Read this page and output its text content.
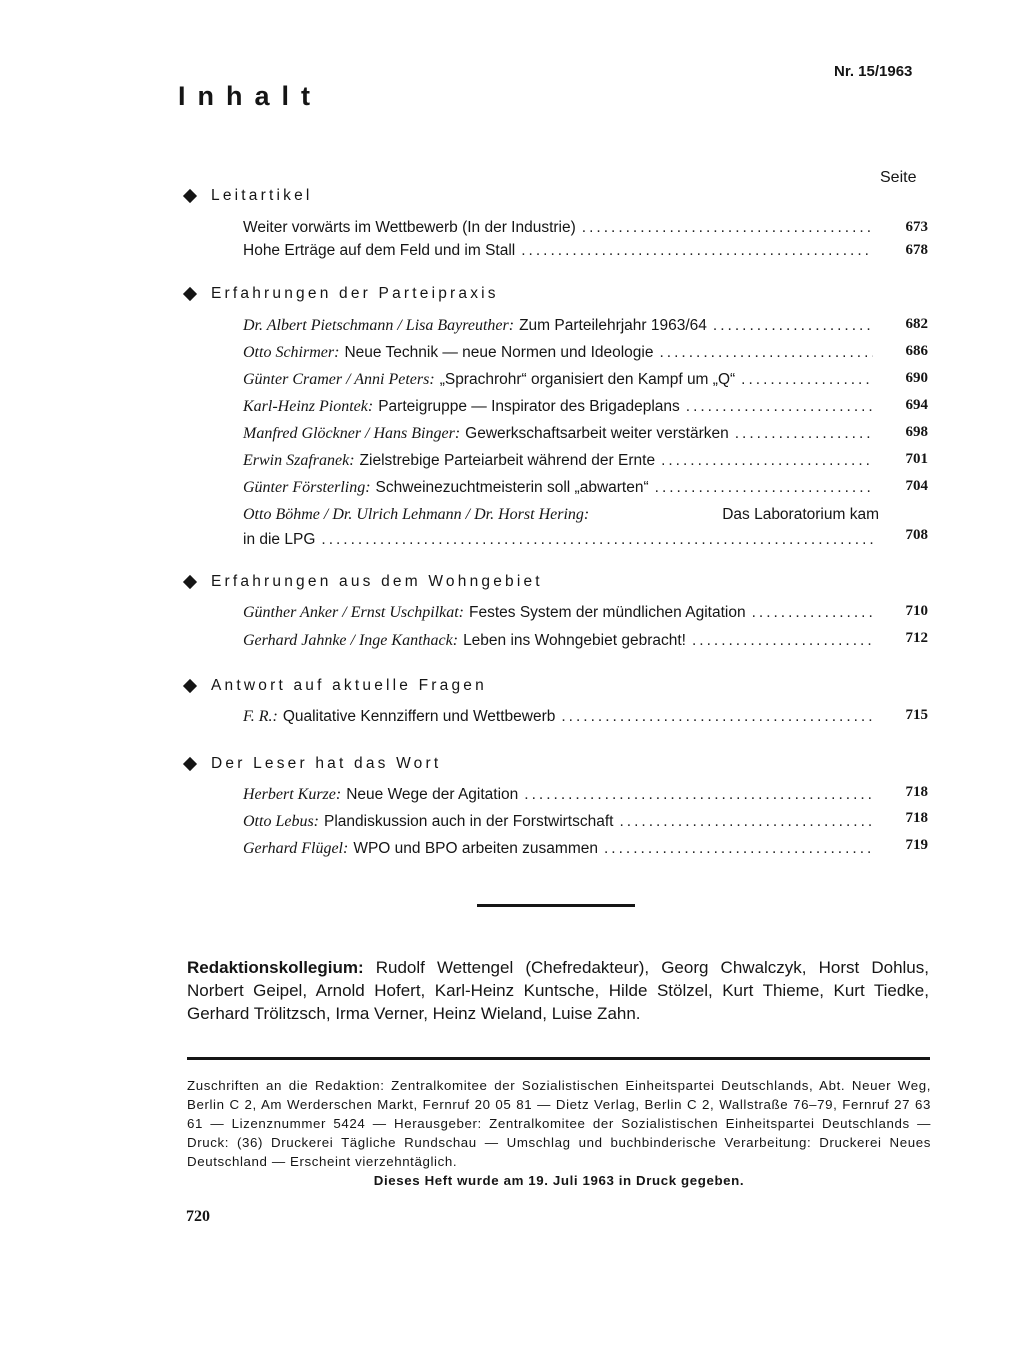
Inhalt
Nr. 15/1963
Seite
Leitartikel
Weiter vorwärts im Wettbewerb (In der Industrie) .....	673
Hohe Erträge auf dem Feld und im Stall .....	678
Erfahrungen der Parteipraxis
Dr. Albert Pietschmann / Lisa Bayreuther: Zum Parteilehrjahr 1963/64 .....	682
Otto Schirmer: Neue Technik — neue Normen und Ideologie .....	686
Günter Cramer / Anni Peters: „Sprachrohr“ organisiert den Kampf um „Q“ .....	690
Karl-Heinz Piontek: Parteigruppe — Inspirator des Brigadeplans .....	694
Manfred Glöckner / Hans Binger: Gewerkschaftsarbeit weiter verstärken .....	698
Erwin Szafranek: Zielstrebige Parteiarbeit während der Ernte .....	701
Günter Försterling: Schweinezuchtmeisterin soll „abwarten“ .....	704
Otto Böhme / Dr. Ulrich Lehmann / Dr. Horst Hering:	Das Laboratorium kam
in die LPG .....	708
Erfahrungen aus dem Wohngebiet
Günther Anker / Ernst Uschpilkat: Festes System der mündlichen Agitation .....	710
Gerhard Jahnke / Inge Kanthack: Leben ins Wohngebiet gebracht! .....	712
Antwort auf aktuelle Fragen
F. R.: Qualitative Kennziffern und Wettbewerb .....	715
Der Leser hat das Wort
Herbert Kurze: Neue Wege der Agitation .....	718
Otto Lebus: Plandiskussion auch in der Forstwirtschaft .....	718
Gerhard Flügel: WPO und BPO arbeiten zusammen .....	719
Redaktionskollegium: Rudolf Wettengel (Chefredakteur), Georg Chwalczyk, Horst Dohlus, Norbert Geipel, Arnold Hofert, Karl-Heinz Kuntsche, Hilde Stölzel, Kurt Thieme, Kurt Tiedke, Gerhard Trölitzsch, Irma Verner, Heinz Wieland, Luise Zahn.
Zuschriften an die Redaktion: Zentralkomitee der Sozialistischen Einheitspartei Deutschlands, Abt. Neuer Weg, Berlin C 2, Am Werderschen Markt, Fernruf 20 05 81 — Dietz Verlag, Berlin C 2, Wallstraße 76–79, Fernruf 27 63 61 — Lizenznummer 5424 — Herausgeber: Zentralkomitee der Sozialistischen Einheitspartei Deutschlands — Druck: (36) Druckerei Tägliche Rundschau — Umschlag und buchbinderische Verarbeitung: Druckerei Neues Deutschland — Erscheint vierzehntäglich.
Dieses Heft wurde am 19. Juli 1963 in Druck gegeben.
720
